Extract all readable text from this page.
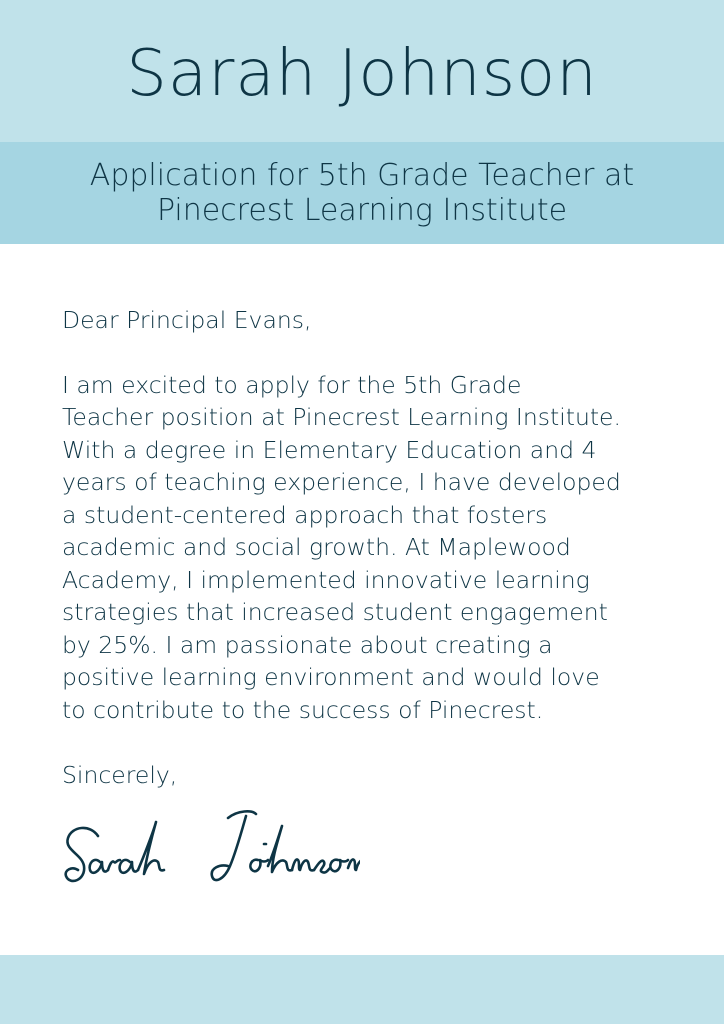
Sarah Johnson
Application for 5th Grade Teacher at
Pinecrest Learning Institute

Dear Principal Evans,

I am excited to apply for the 5th Grade
Teacher position at Pinecrest Learning Institute.
With a degree in Elementary Education and 4
years of teaching experience, I have developed
a student-centered approach that fosters
academic and social growth. At Maplewood
Academy, I implemented innovative learning
strategies that increased student engagement
by 25%. I am passionate about creating a
positive learning environment and would love
to contribute to the success of Pinecrest.

Sincerely,
